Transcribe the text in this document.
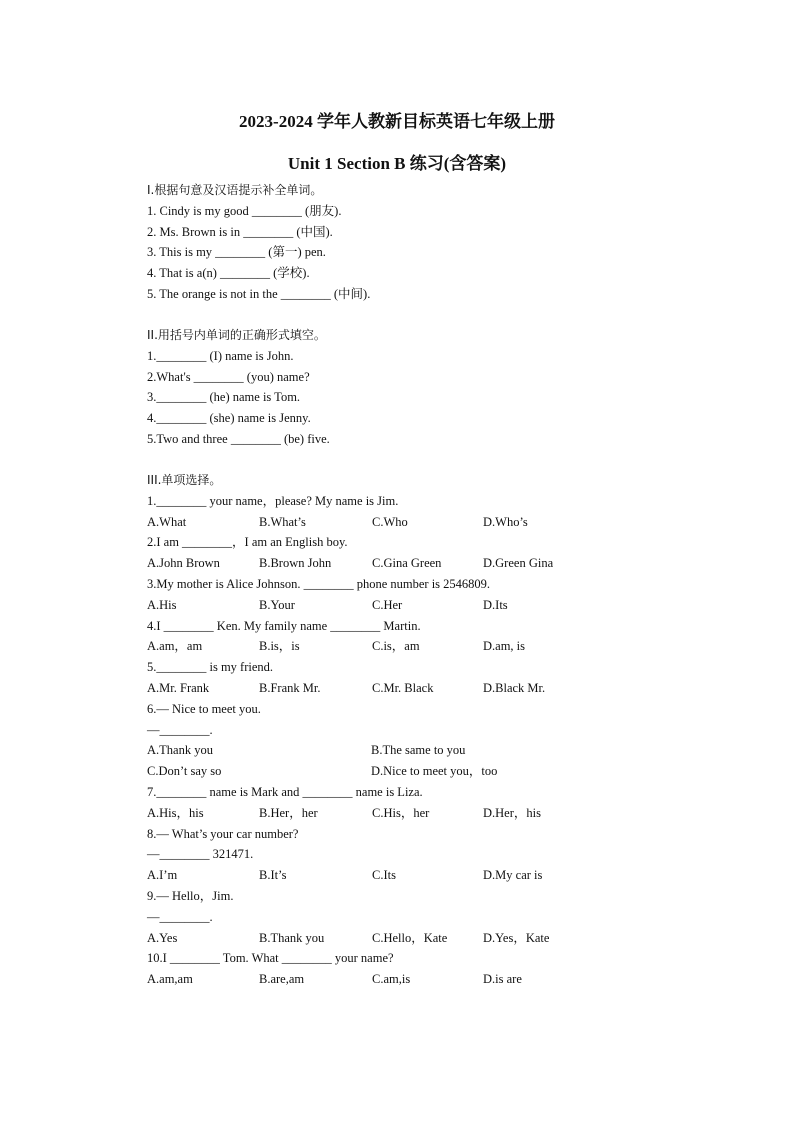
2023-2024 学年人教新目标英语七年级上册
Unit 1 Section B 练习(含答案)
I.根据句意及汉语提示补全单词。
1. Cindy is my good ________ (朋友).
2. Ms. Brown is in ________ (中国).
3. This is my ________ (第一) pen.
4. That is a(n) ________ (学校).
5. The orange is not in the ________ (中间).
II.用括号内单词的正确形式填空。
1.________ (I) name is John.
2.What's ________ (you) name?
3.________ (he) name is Tom.
4.________ (she) name is Jenny.
5.Two and three ________ (be) five.
III.单项选择。
1.________ your name，please? My name is Jim.
A.What	B.What’s	C.Who	D.Who’s
2.I am ________，I am an English boy.
A.John Brown	B.Brown John	C.Gina Green	D.Green Gina
3.My mother is Alice Johnson. ________ phone number is 2546809.
A.His	B.Your	C.Her	D.Its
4.I ________ Ken. My family name ________ Martin.
A.am，am	B.is，is	C.is，am	D.am, is
5.________ is my friend.
A.Mr. Frank	B.Frank Mr.	C.Mr. Black	D.Black Mr.
6.— Nice to meet you.
—________.
A.Thank you	B.The same to you
C.Don’t say so	D.Nice to meet you，too
7.________ name is Mark and ________ name is Liza.
A.His，his	B.Her，her	C.His，her	D.Her，his
8.— What’s your car number?
—________ 321471.
A.I’m	B.It’s	C.Its	D.My car is
9.— Hello，Jim.
—________.
A.Yes	B.Thank you	C.Hello，Kate	D.Yes，Kate
10.I ________ Tom. What ________ your name?
A.am,am	B.are,am	C.am,is	D.is are
